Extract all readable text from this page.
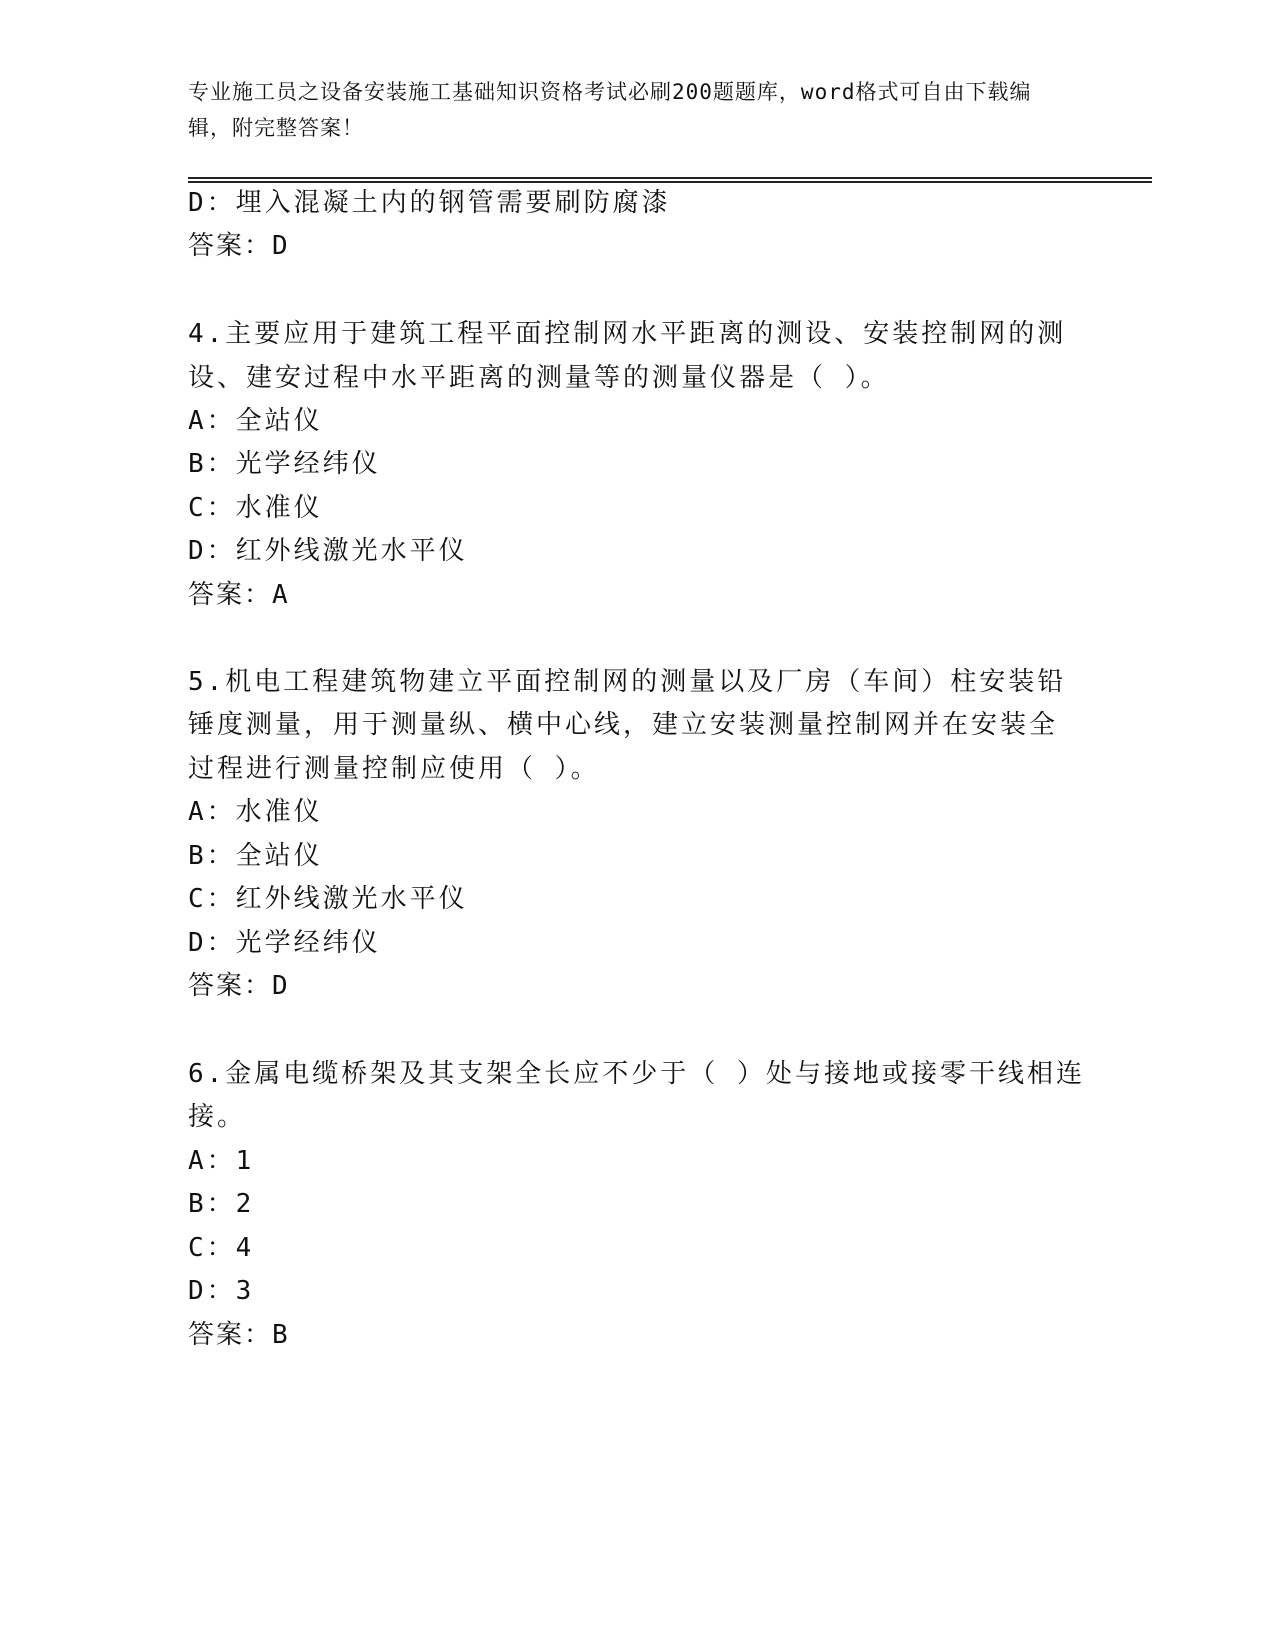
专业施工员之设备安装施工基础知识资格考试必刷200题题库，word格式可自由下载编辑，附完整答案！
D：埋入混凝土内的钢管需要刷防腐漆
答案：D
4.主要应用于建筑工程平面控制网水平距离的测设、安装控制网的测
设、建安过程中水平距离的测量等的测量仪器是（ ）。
A：全站仪
B：光学经纬仪
C：水准仪
D：红外线激光水平仪
答案：A
5.机电工程建筑物建立平面控制网的测量以及厂房（车间）柱安装铅
锤度测量，用于测量纵、横中心线，建立安装测量控制网并在安装全
过程进行测量控制应使用（ ）。
A：水准仪
B：全站仪
C：红外线激光水平仪
D：光学经纬仪
答案：D
6.金属电缆桥架及其支架全长应不少于（ ）处与接地或接零干线相连
接。
A：1
B：2
C：4
D：3
答案：B
